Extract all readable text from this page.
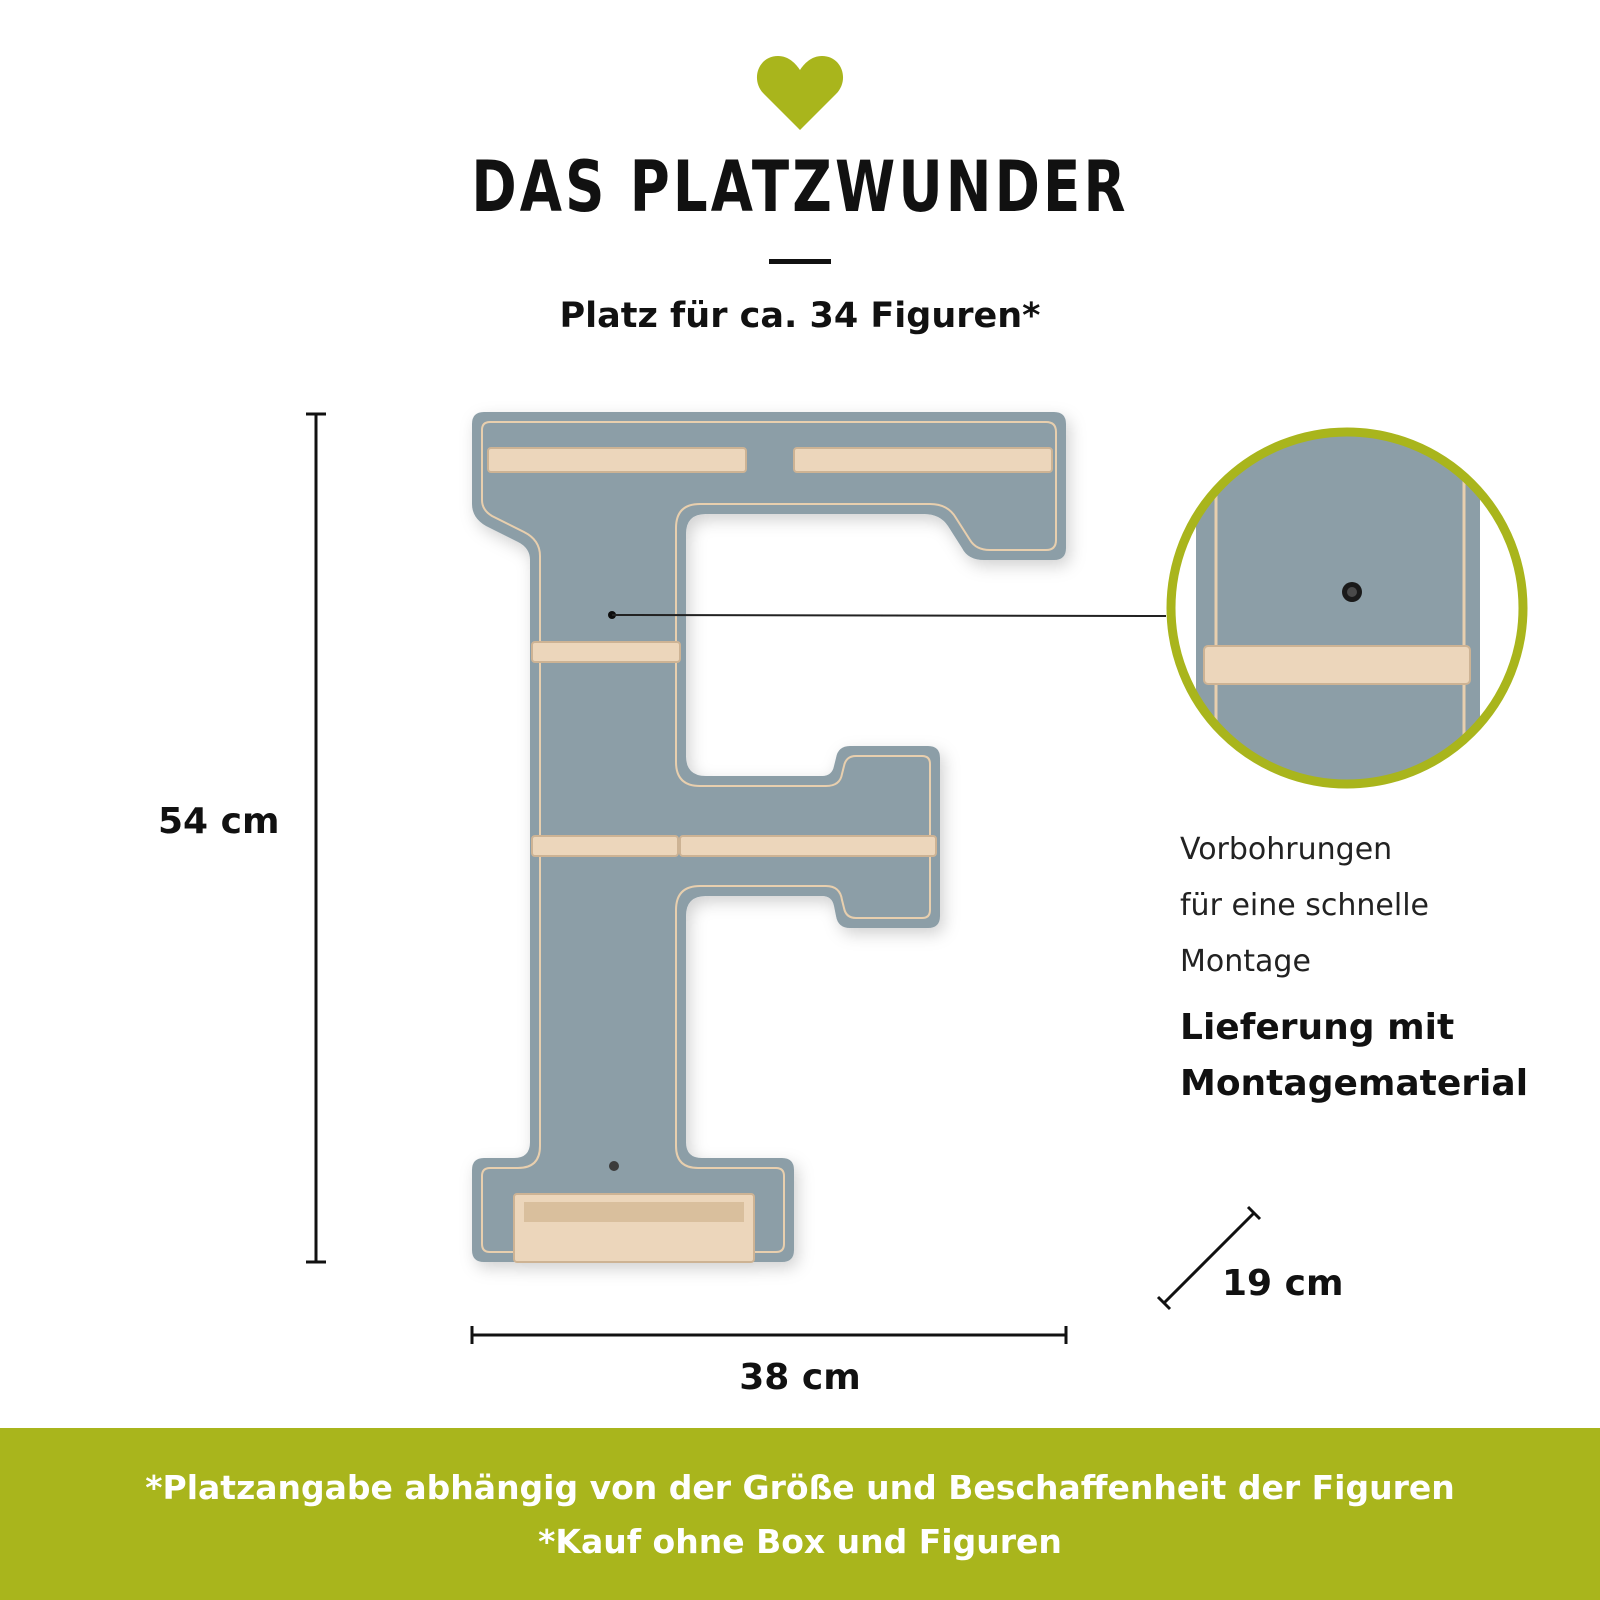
DAS PLATZWUNDER
Platz für ca. 34 Figuren*
54 cm
38 cm
19 cm
Vorbohrungen
für eine schnelle
Montage
Lieferung mit
Montagematerial
*Platzangabe abhängig von der Größe und Beschaffenheit der Figuren
*Kauf ohne Box und Figuren
